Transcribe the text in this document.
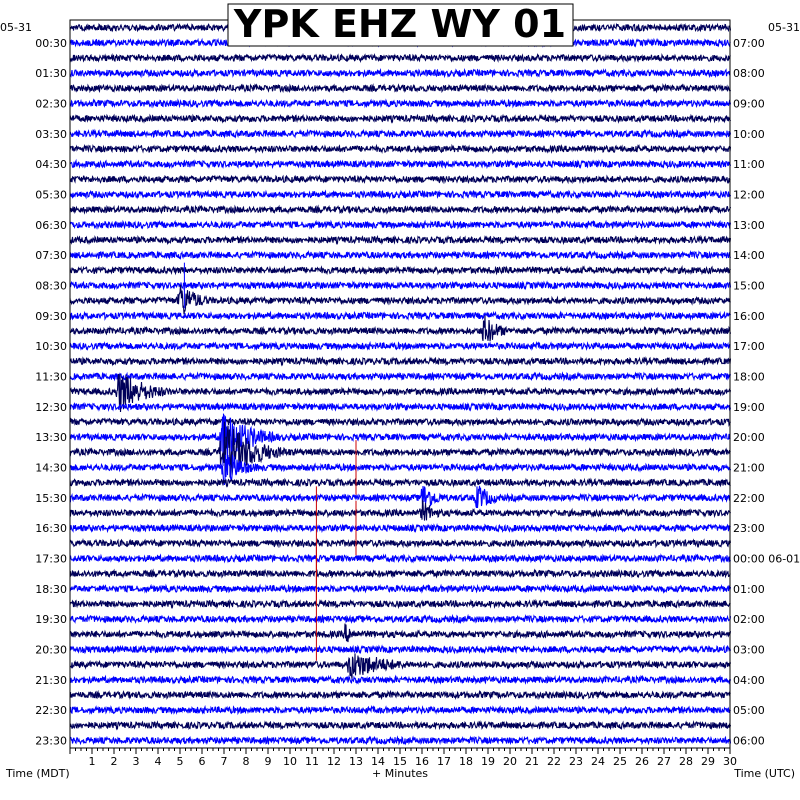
1 2 3 4 5 6 7 8 9 10 11 12 13 14 15 16 17 18 19 20 21 22 23 24 25 26 27 28 29 30
00:30
01:30
02:30
03:30
04:30
05:30
06:30
07:30
08:30
09:30
10:30
11:30
12:30
13:30
14:30
15:30
16:30
17:30
18:30
19:30
20:30
21:30
22:30
23:30
07:00
08:00
09:00
10:00
11:00
12:00
13:00
14:00
15:00
16:00
17:00
18:00
19:00
20:00
21:00
22:00
23:00
00:00 06-01
01:00
02:00
03:00
04:00
05:00
06:00
YPK EHZ WY 01
05-31	05-31
Time (MDT)	+ Minutes	Time (UTC)
